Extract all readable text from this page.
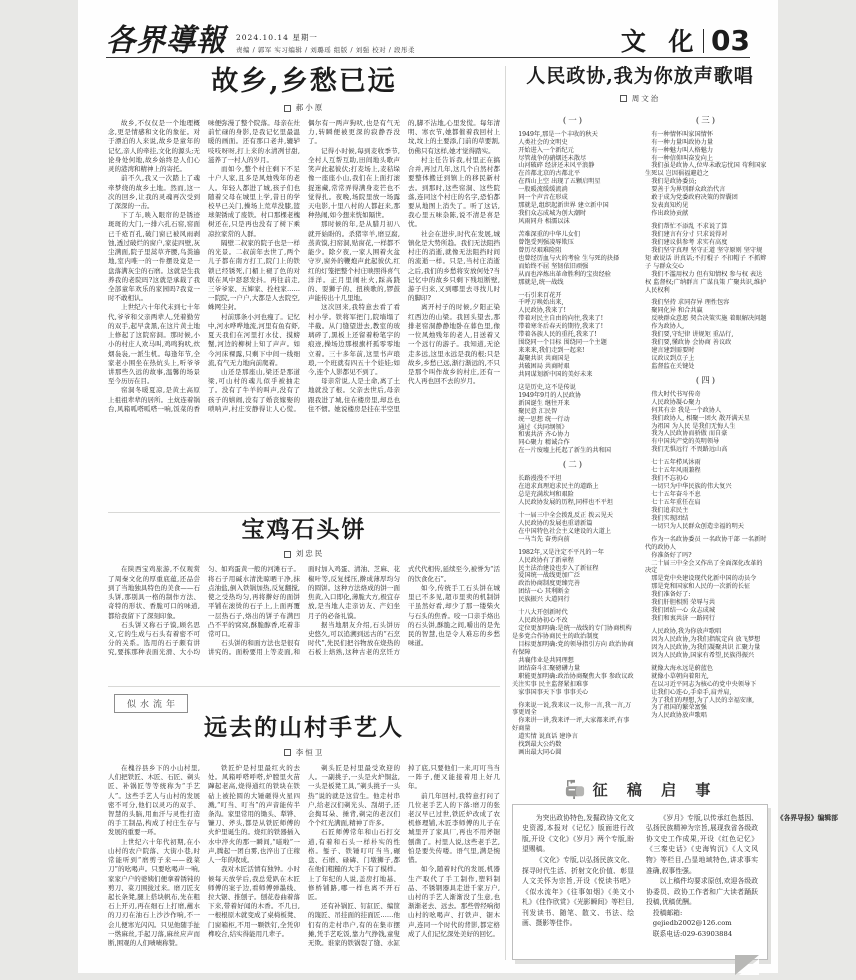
各界導報 2024.10.14 星期一
责编 / 郭军 实习编辑 / 刘璐瑶 组版 / 刘强 校对 / 段彤柔	文 化 03
故乡,乡愁已远
郝小原

故乡,不仅仅是一个地理概念,更是情感和文化的象征。对于漂泊的人来说,故乡是童年的记忆,亲人的牵挂,文化的源头;无论身处何地,故乡始终是人们心灵的港湾和精神上的寄托。

前不久,我又一次踏上了魂牵梦绕的故乡土地。然而,这一次的回乡,让我的灵魂再次受到了深深的一击。

下了车,映入眼帘的是锈迹斑斑的大门,一排六孔石窑,窑面已千疮百孔,破门窗已被风雨剥蚀,透过破烂的窗户,家徒四壁,灰尘满面,院子里蒿草齐腰,鸟粪遍地,室内唯一的一件摆设竟是一盘落满灰尘的石磨。这就是生我养我的老院吗?这就是承载了我全部童年欢乐的家园吗?我竟一时不敢相认。

上世纪六十年代末到七十年代,爷爷和父亲两辈人,凭着勤劳的双手,起早贪黑,在这片黄土地上修起了这院窑洞。那时候,小小的村庄人欢马叫,鸡鸣狗吠,炊烟袅袅,一派生机。每逢年节,全家老小围坐在热炕头上,听爷爷讲那些久远的故事,温馨的场景至今历历在目。

窑洞冬暖夏凉,是黄土高原上祖祖辈辈的居所。土炕连着锅台,风箱呱嗒呱嗒一响,饭菜的香味便弥漫了整个院落。母亲在灶前忙碌的身影,是我记忆里最温暖的画面。还有那口老井,辘轳吱吱呀呀,打上来的水清冽甘甜,滋养了一村人的岁月。

而如今,整个村庄剩下不足十户人家,且多是风烛残年的老人。年轻人都进了城,孩子们也随着父母在城里上学,昔日的学校早已关门,操场上荒草没膝,篮球架锈成了废铁。村口那棵老槐树还在,只是再也没有了树下乘凉拉家常的人群。

隔壁二叔家的院子也是一样的光景。二叔前年去世了,两个儿子都在南方打工,院门上的铁锁已经锈死,门楣上褪了色的对联在风中瑟瑟发抖。再往前走,三爷爷家、五婶家、拴柱家……一院院,一户户,大都是人去院空,蛛网尘封。

村前那条小河也瘦了。记忆中,河水哗哗地流,河里有鱼有虾,夏天我们在河里打水仗、摸螃蟹,河边的柳树上知了声声。如今河床裸露,只剩下中间一线细流,有气无力地向前爬着。

山还是那座山,梁还是那道梁,可山村的魂儿似乎被抽走了。没有了牛羊的叫声,没有了孩子的嬉闹,没有了婚丧嫁娶的唢呐声,村庄安静得让人心慌。偶尔有一两声狗吠,也是有气无力,转瞬便被更深的寂静吞没了。

记得小时候,每到麦收季节,全村人互帮互助,田间地头歌声笑声此起彼伏;打麦场上,麦秸垛像一座座小山,我们在上面打滚捉迷藏,常常弄得满身麦芒也不觉得扎。夜晚,场院里放一场露天电影,十里八村的人都赶来,那种热闹,如今想来恍如隔世。

那时候的年,是从腊月初八就开始盼的。杀猪宰羊,磨豆腐,蒸黄馍,扫窑洞,贴窗花,一样都不能少。除夕夜,一家人围着火盆守岁,窗外的鞭炮声此起彼伏,红红的灯笼把整个村庄映照得喜气洋洋。正月里闹社火,踩高跷的、耍狮子的、扭秧歌的,锣鼓声能传出十几里地。

这次回来,我特意去看了看村小学。铁将军把门,院墙塌了半截。从门缝望进去,教室的玻璃碎了,黑板上还留着粉笔字的痕迹,操场边那根旗杆孤零零地立着。三十多年前,这里书声琅琅,一个班就有四五十个娃娃;如今,连个人影都见不到了。

母亲常说,人是土命,离了土地就没了根。父亲去世后,母亲跟我进了城,住在楼房里,却总也住不惯。她说楼房是挂在半空里的,脚不沾地,心里发慌。每年清明、寒衣节,她都催着我回村上坟,坟上的土要添,门前的草要割,仿佛只有这样,她才觉得踏实。

村主任告诉我,村里正在搞合并,再过几年,这几个自然村都要整体搬迁到镇上的移民新村去。到那时,这些窑洞、这些院落,连同这个村庄的名字,恐怕都要从地图上消失了。听了这话,我心里五味杂陈,说不清是喜是忧。

社会在进步,时代在发展,城镇化是大势所趋。我们无法阻挡村庄的消逝,就像无法阻挡时间的流逝一样。只是,当村庄消逝之后,我们的乡愁将安放何处?当记忆中的故乡只剩下残垣断壁,游子归来,又到哪里去寻找儿时的脚印?

离开村子的时候,夕阳正染红西边的山梁。我回头望去,那排老窑洞静静地卧在暮色里,像一位风烛残年的老人,目送着又一个远行的游子。我知道,无论走多远,这里永远是我的根;只是故乡,乡愁已远,渐行渐远的,不只是那个叫作故乡的村庄,还有一代人再也回不去的岁月。

宝鸡石头饼
刘忠民

在陕西宝鸡旅游,不仅观赏了周秦文化的厚重底蕴,还品尝到了当地独具特色的美食——石头饼,那别具一格的制作方法、奇特的形状、香脆可口的味道,都给我留下了深刻印象。

石头饼又称石子馍,顾名思义,它的生成与石头有着密不可分的关系。选用的石子颇有讲究,要拣那种表面光滑、大小均匀、如鸡蛋黄一般的河滩石子。将石子用碱水清洗晾晒干净,抹点油盐,倒入铁锅加热,反复翻搅,使之受热均匀,再将擀好的面饼平铺在滚烫的石子上,上面再覆一层热石子,烙出的饼子布满凹凸不平的窝窝,酥脆醇香,吃着非常可口。

石头饼的和面方法也是很有讲究的。面粉要用上等麦面,和面时加入鸡蛋、清油、芝麻、花椒叶等,反复揉压,擀成薄厚均匀的圆饼。这种方法烙成的饼一面焦黄,入口即化,薄脆大方,极宜存放,是当地人走亲访友、产妇坐月子的必备礼馍。

据当地朋友介绍,石头饼历史悠久,可以追溯到远古的“石烹时代”,先民们把谷物放在烧热的石板上焙熟,这种古老的烹饪方式代代相传,延续至今,被誉为“活的饮食化石”。

如今,传统手工石头饼在城里已不多见,超市里卖的机制饼干虽然好看,却少了那一缕柴火与石头的焦香。咬一口亲手烙出的石头饼,酥脆之间,嚼出的是先民的智慧,也是令人难忘的乡愁味道。

似水流年
远去的山村手艺人
李恒卫

在槐谷县乡下的小山村里,人们把铁匠、木匠、石匠、剃头匠、补锅匠等等统称为“手艺人”。这些手艺人与山村的发展密不可分,他们以灵巧的双手、智慧的头脑,用血汗与灵性打造的手工制品,构成了村庄生存与发展的重要一环。

上世纪六十年代初期,在小山村的农户院落、大街小巷,时常能听到“磨剪子来——戗菜刀”的吆喝声。只要吆喝声一响,家家户户的婆姨们便拿着锈钝的剪刀、菜刀围拢过来。磨刀匠支起长条凳,腿上搭块帆布,先在粗石上开刃,再在细石上打磨,蘸水的刀刃在油石上沙沙作响,不一会儿便寒光闪闪。只见他随手扯一绺麻丝,手起刀落,麻丝应声而断,围观的人们啧啧称赞。

铁匠炉是村里最红火的去处。风箱呼嗒呼嗒,炉膛里火苗蹿起老高,烧得通红的铁块在铁砧上被抡圆的大锤砸得火星四溅,“叮当、叮当”的声音能传半条沟。家里常用的锄头、犁铧、镰刀、斧头,都是从铁匠师傅的火炉里诞生的。烧红的铁器插入水中淬火的那一瞬间,“嗞啦”一声,腾起一团白雾,也淬出了庄稼人一年的收成。

我对木匠活情有独钟。小时候每天放学后,我总爱趴在木匠师傅的案子边,看师傅弹墨线、拉大锯、推刨子。刨花卷曲着落下来,带着好闻的木香。不几日,一根根原木就变成了桌椅板凳、门窗箱柜,不用一颗铁钉,全凭卯榫咬合,结实得能用几辈子。

剃头匠是村里最受欢迎的人。一副挑子,一头是火炉铜盆,一头是板凳工具,“剃头挑子一头热”说的就是这营生。他走村串户,给老汉们剃光头、刮胡子,还会掏耳朵、捶背,剃完的老汉们个个红光满面,精神了许多。

石匠师傅常年和山石打交道,有着和石头一样朴实的性格。錾子、铁锤叮叮当当,碾盘、石磨、碌碡、门墩狮子,都在他们粗糙的大手下有了模样。上了年纪的人说,盖房打地基、修桥铺路,哪一样也离不开石匠。

还有补锅匠、钉缸匠、编筐的篾匠、吊挂面的挂面匠……他们有的走村串户,有的在集市摆摊,凭手艺吃饭,靠力气挣钱,童叟无欺。谁家的铁锅裂了缝、水缸掉了底,只要他们一来,叮叮当当一阵子,便又能接着用上好几年。

前几年回村,我特意打问了几位老手艺人的下落:磨刀的张老汉早已过世,铁匠炉改成了农机修理铺,木匠李师傅的儿子在城里开了家具厂,再也不用斧锯刨凿了。村里人说,这些老手艺,怕是要失传喽。语气里,满是惋惜。

如今,随着时代的发展,机器生产取代了手工制作,塑料制品、不锈钢器具走进千家万户,山村的手艺人渐渐没了生意,也渐渐老去、远去。那些曾经响彻山村的吆喝声、打铁声、锯木声,连同一个时代的背影,都定格成了人们记忆深处美好的回忆。

人民政协,我为你放声歌唱
周文治

(一)

1949年,那是一个丰收的秋天

人类社会的文明史

开始进入一个新纪元

尽管战争的硝烟还未散尽

山河破碎 经济还未风平浪静

在首都北京的古都北平

在西山上空 出现了五颗启明星

一股暖流缓缓流淌

同一个声音在形成

那就是,组织起新世界 建立新中国

我们众志成城为创大潮时

风雨同舟 相濡以沫

苦难深重的中华儿女们

曾饱受列强凌辱欺压

曾历尽艰难险阻

也曾经历血与火的考验 生与死的抉择

而始终不屈 坚韧依旧顽强

从而也淬炼出革命胜利的宝贵经验

那就是,统一战线

一石引来百花开

千呼万唤始出来,

人民政协,我来了!

带着对民主自由的向往,我来了!

带着寒冬后春天的期待,我来了!

带着各族人民的重托,我来了!

围绕同一个目标 围绕同一个主题

来来来,我们走到一起来!

凝聚共识 共商国是

共破困局 共商时艰

共同谋划新中国的美好未来

这是历史,这不是传说

1949年9月的人民政协

新国诞生 继往开来

聚民意 汇民智

统一思想 统一行动

通过《共同纲领》

和衷共济 齐心协力

同心聚力 精诚合作

在一片废墟上托起了新生的共和国

(二)

长路漫漫不平坦

在追求真理追求民主的道路上

总是充满坎坷和艰险

人民政协发展的历程,同样也不平坦

十一届三中全会拨乱反正 拨云见天

人民政协的发展也重谱新篇

在中国特色社会主义建设的大道上

一马当先 奋勇向前

1982年,又是注定不平凡的一年

人民政协有了新章程

民主法治建设也步入了新征程

爱国统一战线更加广泛

政治协商制度更臻完善

团结一心 其利断金

民族振兴 大道同行

十八大开创新时代

人民政协初心不改

定位更加明确:是统一战线的专门协商机构 是多党合作协商民主的政治制度

目标更加明确:党的领导指引方向 政治协商有保障

共襄伟业是共同理想

团结奋斗汇聚磅礴力量

职能更加明确:政治协商聚焦大事 参政议政关注实事 民主监督紧扣难事

家事国事天下事 事事关心

你来说一说,我来议一议,你一言,我一言,万事更周全

你来讲一讲,我来评一评,大家都来评,有事好商量

道实情 说真话 建诤言

找到最大公约数

画出最大同心圆

(三)

有一种情怀叫家国情怀

有一种力量叫政协力量

有一种魅力叫人格魅力

有一种信仰叫奋发向上

我们虽是政协人,位卑未敢忘忧国 苟利国家生死以 岂因祸福避趋之

我们是政协委员;

要善于为界别群众政治代言

敢于成为党委政府决策的智囊团

发表真知灼见

作出政协贡献

我们帮忙不添乱 不求说了算

我们建言有分寸 只求说得对

我们建议供参考 求实有高度

我们坚守真理 坚守正道 坚守原则 坚守规矩 敢说话 讲真话;不打棍子 不扣帽子 不抓辫子 与群众交心

我们不滥用权力 但有知情权 参与权 表达权 监督权;广纳群言 广谋良策 广聚共识,维护人民权利

我们坚持 求同存异 理性包容

聚同化异 和合共赢

反映群众意愿 契合决策实施 着眼解决问题

作为政协人,

我们要,守纪律 讲规矩 重品行,

我们要,懂政协 会协商 善议政

建言建到需要时

议政议到点子上

监督监在关键处

(四)

伟大时代书写传奇

人民政协凝心聚力

何其有幸 我是一个政协人

我们政协人, 相聚一团火 散开满天星

为祖国 为人民 是我们无悔人生

我为人民政协而骄傲 而自豪

有中国共产党的英明领导

我们无惧远行 不畏路远山高

七十五年栉风沐雨

七十五年风雨兼程

我们不忘初心

一切只为中华民族的伟大复兴

七十五年奋斗不息

七十五年重任在肩

我们追求民主

我们实现团结

一切只为人民群众创造幸福的明天

作为一名政协委员 一名政协干部 一名新时代的政协人

你准备好了吗?

二十届三中全会又作出了全面深化改革的决定

那是党中央建设现代化新中国的动员令

那是党和国家和人民的一次新的长征

我们准备好了:

我们肝胆相照 荣辱与共

我们团结一心 众志成城

我们和衷共济 一路同行

人民政协,我为你放声歌唱

因为人民政协,为我们指航定向 放飞梦想

因为人民政协,为我们凝聚共识 汇聚力量

因为人民政协,国家有希望,民族得振兴

就像大海永远是蔚蓝色

就像小草朝向着阳光,

在以习近平同志为核心的党中央领导下

让我们心连心,手牵手,肩并肩,

为了我们的理想,为了人民的幸福安康,

为了祖国的繁荣富强

为人民政协放声歌唱

征 稿 启 事

为突出政协特色,发掘政协文化文史资源,本报对《记忆》版面进行改版,开设《文化》《岁月》两个专版,盼望赐稿。

《文化》专版,以弘扬民族文化、探寻时代生活、折射文化价值、彰显人文关怀为宗旨,开设《悦读书吧》《似水流年》《往事如烟》《美文小札》《佳作欣赏》《光影瞬间》等栏目,刊发读书、随笔、散文、书法、绘画、摄影等佳作。

《岁月》专版,以传承红色基因、弘扬民族精神为宗旨,展现我省各级政协文史工作成果,开设《红色记忆》《三秦史话》《史海钩沉》《人文风物》等栏目,凸显地域特色,讲求事实准确,叙事性强。

以上稿件均要求原创,欢迎各级政协委员、政协工作者和广大读者踊跃投稿,优稿优酬。

投稿邮箱:

gejiedb2002@126.com

联系电话:029-63903884

《各界导报》编辑部
